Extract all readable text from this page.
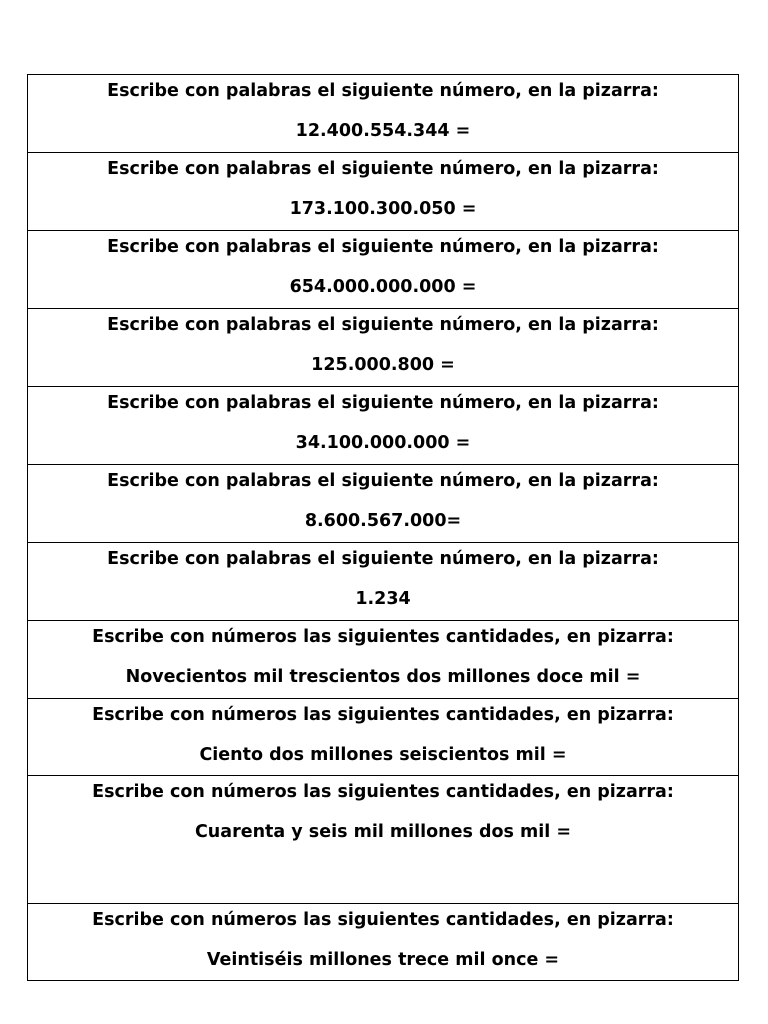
Escribe con palabras el siguiente número, en la pizarra:
12.400.554.344 =
Escribe con palabras el siguiente número, en la pizarra:
173.100.300.050 =
Escribe con palabras el siguiente número, en la pizarra:
654.000.000.000 =
Escribe con palabras el siguiente número, en la pizarra:
125.000.800 =
Escribe con palabras el siguiente número, en la pizarra:
34.100.000.000 =
Escribe con palabras el siguiente número, en la pizarra:
8.600.567.000=
Escribe con palabras el siguiente número, en la pizarra:
1.234
Escribe con números las siguientes cantidades, en pizarra:
Novecientos mil trescientos dos millones doce mil =
Escribe con números las siguientes cantidades, en pizarra:
Ciento dos millones seiscientos mil =
Escribe con números las siguientes cantidades, en pizarra:
Cuarenta y seis mil millones dos mil =
Escribe con números las siguientes cantidades, en pizarra:
Veintiséis millones trece mil once =
